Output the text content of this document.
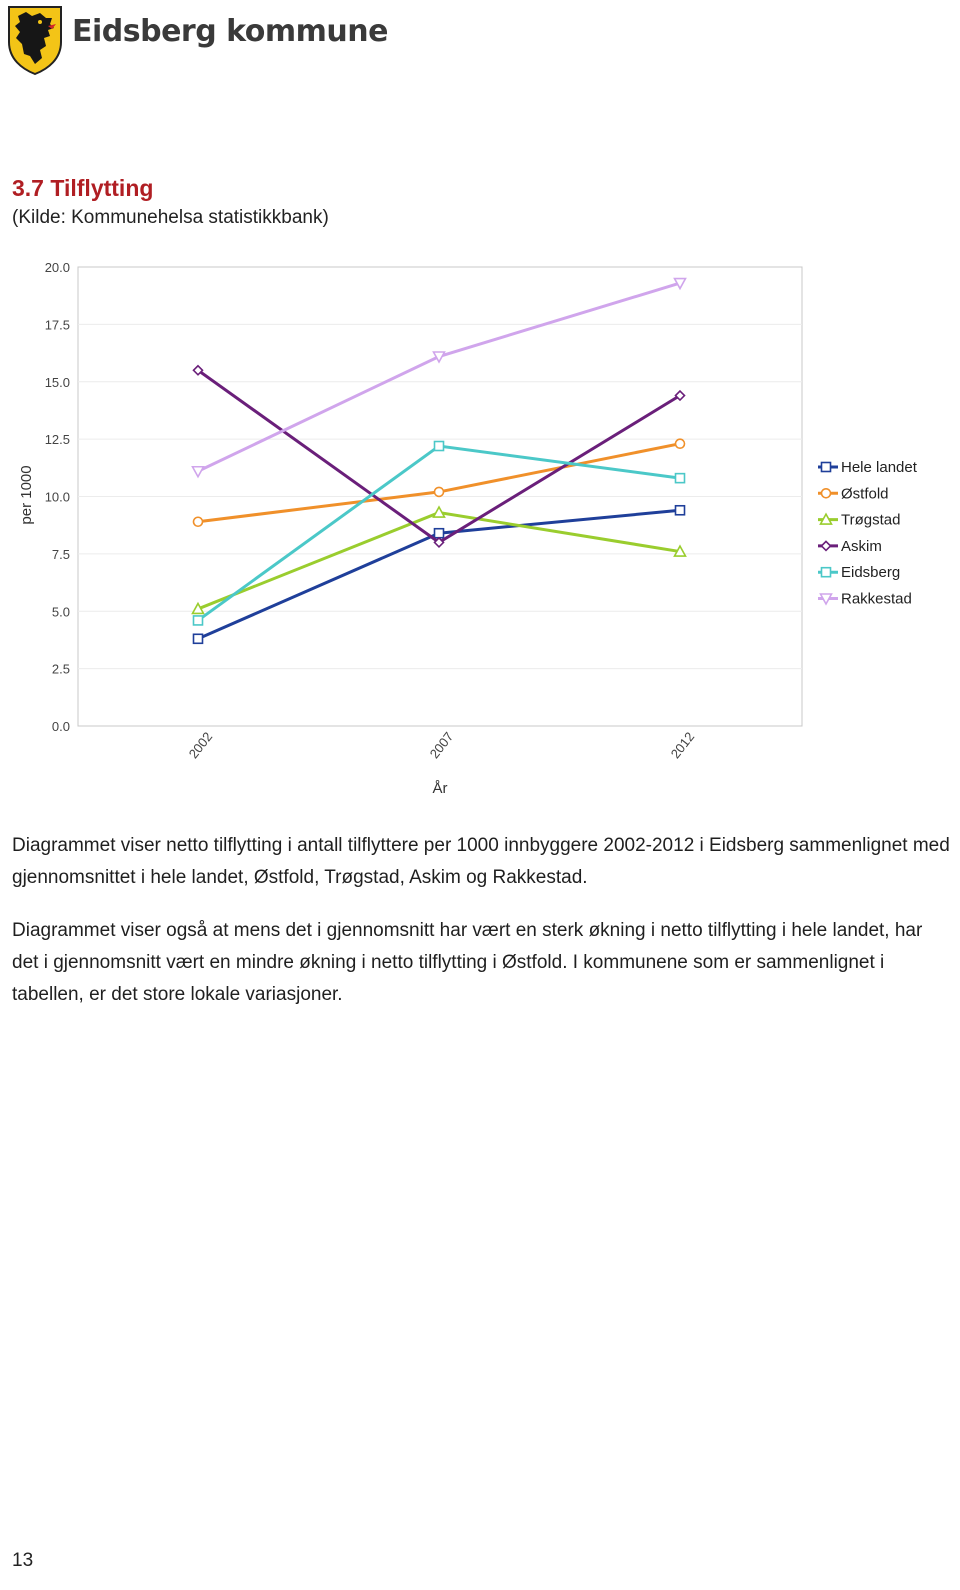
Eidsberg kommune
3.7 Tilflytting
(Kilde: Kommunehelsa statistikkbank)
0.0
2.5
5.0
7.5
10.0
12.5
15.0
17.5
20.0
2002	2007	2012
År
per 1000	Hele landet
Østfold
Trøgstad
Askim
Eidsberg
Rakkestad
Diagrammet viser netto tilflytting i antall tilflyttere per 1000 innbyggere 2002-2012 i Eidsberg sammenlignet med gjennomsnittet i hele landet, Østfold, Trøgstad, Askim og Rakkestad.
Diagrammet viser også at mens det i gjennomsnitt har vært en sterk økning i netto tilflytting i hele landet, har det i gjennomsnitt vært en mindre økning i netto tilflytting i Østfold. I kommunene som er sammenlignet i tabellen, er det store lokale variasjoner.
13
